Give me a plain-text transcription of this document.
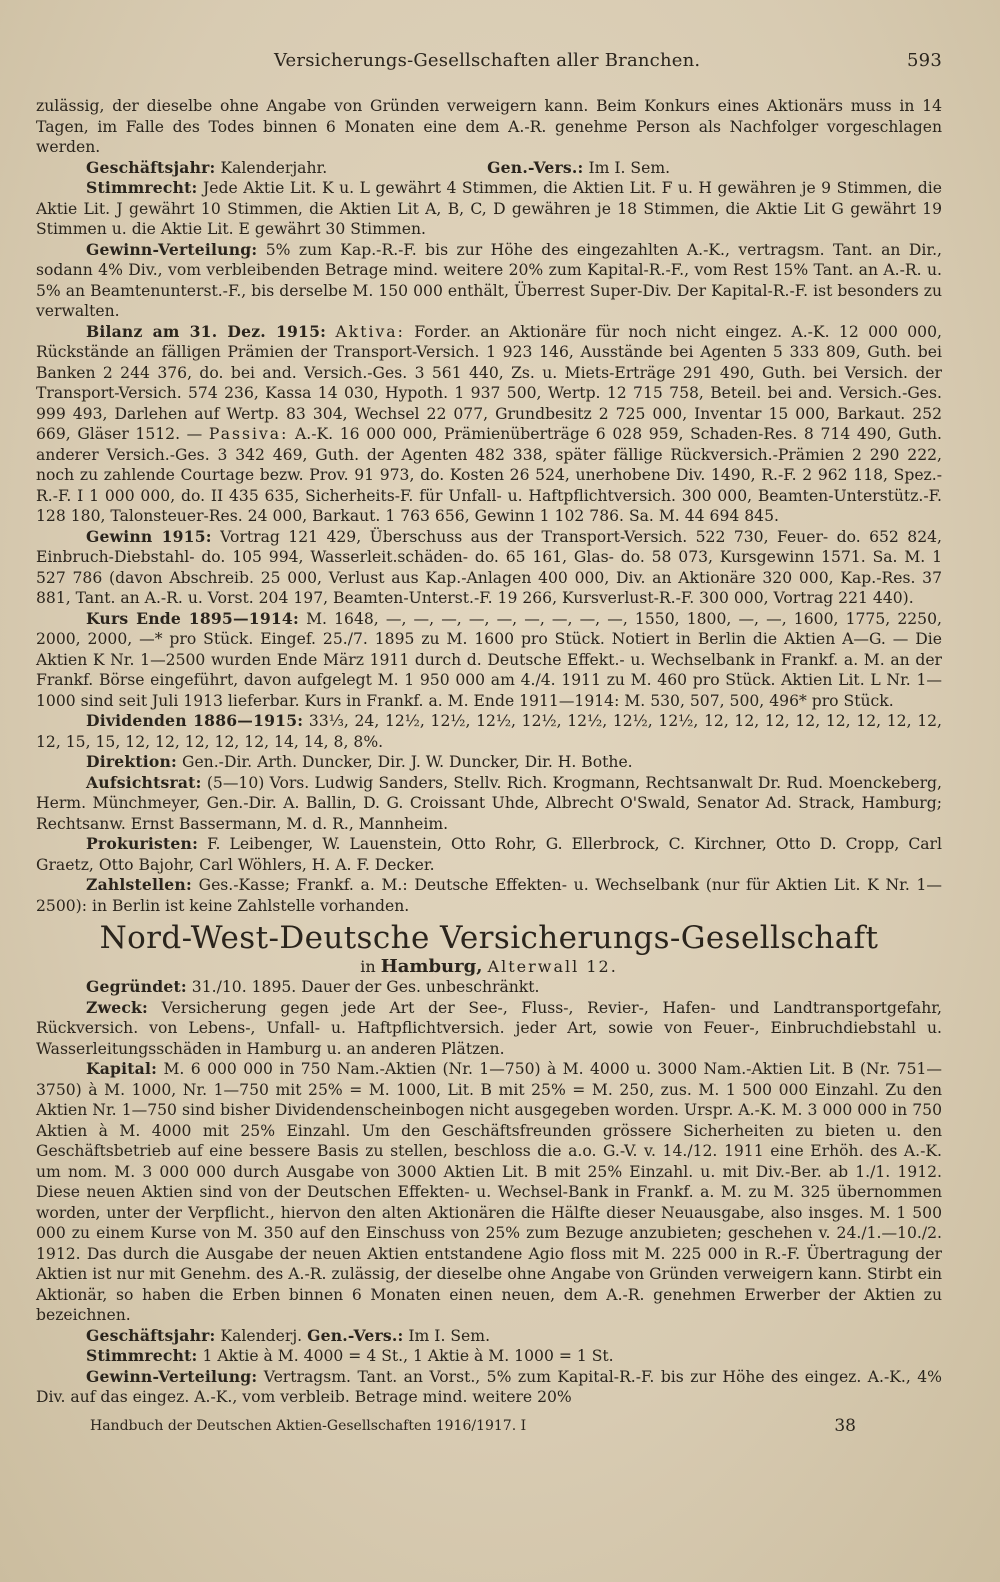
Versicherungs-Gesellschaften aller Branchen.	593

zulässig, der dieselbe ohne Angabe von Gründen verweigern kann. Beim Konkurs eines Aktionärs muss in 14 Tagen, im Falle des Todes binnen 6 Monaten eine dem A.-R. genehme Person als Nachfolger vorgeschlagen werden.

Geschäftsjahr: Kalenderjahr.	Gen.-Vers.: Im I. Sem.

Stimmrecht: Jede Aktie Lit. K u. L gewährt 4 Stimmen, die Aktien Lit. F u. H gewähren je 9 Stimmen, die Aktie Lit. J gewährt 10 Stimmen, die Aktien Lit A, B, C, D gewähren je 18 Stimmen, die Aktie Lit G gewährt 19 Stimmen u. die Aktie Lit. E gewährt 30 Stimmen.

Gewinn-Verteilung: 5% zum Kap.-R.-F. bis zur Höhe des eingezahlten A.-K., vertragsm. Tant. an Dir., sodann 4% Div., vom verbleibenden Betrage mind. weitere 20% zum Kapital-R.-F., vom Rest 15% Tant. an A.-R. u. 5% an Beamtenunterst.-F., bis derselbe M. 150 000 enthält, Überrest Super-Div. Der Kapital-R.-F. ist besonders zu verwalten.

Bilanz am 31. Dez. 1915: Aktiva: Forder. an Aktionäre für noch nicht eingez. A.-K. 12 000 000, Rückstände an fälligen Prämien der Transport-Versich. 1 923 146, Ausstände bei Agenten 5 333 809, Guth. bei Banken 2 244 376, do. bei and. Versich.-Ges. 3 561 440, Zs. u. Miets-Erträge 291 490, Guth. bei Versich. der Transport-Versich. 574 236, Kassa 14 030, Hypoth. 1 937 500, Wertp. 12 715 758, Beteil. bei and. Versich.-Ges. 999 493, Darlehen auf Wertp. 83 304, Wechsel 22 077, Grundbesitz 2 725 000, Inventar 15 000, Barkaut. 252 669, Gläser 1512. — Passiva: A.-K. 16 000 000, Prämienüberträge 6 028 959, Schaden-Res. 8 714 490, Guth. anderer Versich.-Ges. 3 342 469, Guth. der Agenten 482 338, später fällige Rückversich.-Prämien 2 290 222, noch zu zahlende Courtage bezw. Prov. 91 973, do. Kosten 26 524, unerhobene Div. 1490, R.-F. 2 962 118, Spez.-R.-F. I 1 000 000, do. II 435 635, Sicherheits-F. für Unfall- u. Haftpflichtversich. 300 000, Beamten-Unterstütz.-F. 128 180, Talonsteuer-Res. 24 000, Barkaut. 1 763 656, Gewinn 1 102 786. Sa. M. 44 694 845.

Gewinn 1915: Vortrag 121 429, Überschuss aus der Transport-Versich. 522 730, Feuer- do. 652 824, Einbruch-Diebstahl- do. 105 994, Wasserleit.schäden- do. 65 161, Glas- do. 58 073, Kursgewinn 1571. Sa. M. 1 527 786 (davon Abschreib. 25 000, Verlust aus Kap.-Anlagen 400 000, Div. an Aktionäre 320 000, Kap.-Res. 37 881, Tant. an A.-R. u. Vorst. 204 197, Beamten-Unterst.-F. 19 266, Kursverlust-R.-F. 300 000, Vortrag 221 440).

Kurs Ende 1895—1914: M. 1648, —, —, —, —, —, —, —, —, —, 1550, 1800, —, —, 1600, 1775, 2250, 2000, 2000, —* pro Stück. Eingef. 25./7. 1895 zu M. 1600 pro Stück. Notiert in Berlin die Aktien A—G. — Die Aktien K Nr. 1—2500 wurden Ende März 1911 durch d. Deutsche Effekt.- u. Wechselbank in Frankf. a. M. an der Frankf. Börse eingeführt, davon aufgelegt M. 1 950 000 am 4./4. 1911 zu M. 460 pro Stück. Aktien Lit. L Nr. 1—1000 sind seit Juli 1913 lieferbar. Kurs in Frankf. a. M. Ende 1911—1914: M. 530, 507, 500, 496* pro Stück.

Dividenden 1886—1915: 33⅓, 24, 12½, 12½, 12½, 12½, 12½, 12½, 12½, 12, 12, 12, 12, 12, 12, 12, 12, 12, 15, 15, 12, 12, 12, 12, 12, 14, 14, 8, 8%.

Direktion: Gen.-Dir. Arth. Duncker, Dir. J. W. Duncker, Dir. H. Bothe.

Aufsichtsrat: (5—10) Vors. Ludwig Sanders, Stellv. Rich. Krogmann, Rechtsanwalt Dr. Rud. Moenckeberg, Herm. Münchmeyer, Gen.-Dir. A. Ballin, D. G. Croissant Uhde, Albrecht O'Swald, Senator Ad. Strack, Hamburg; Rechtsanw. Ernst Bassermann, M. d. R., Mannheim.

Prokuristen: F. Leibenger, W. Lauenstein, Otto Rohr, G. Ellerbrock, C. Kirchner, Otto D. Cropp, Carl Graetz, Otto Bajohr, Carl Wöhlers, H. A. F. Decker.

Zahlstellen: Ges.-Kasse; Frankf. a. M.: Deutsche Effekten- u. Wechselbank (nur für Aktien Lit. K Nr. 1—2500): in Berlin ist keine Zahlstelle vorhanden.

Nord-West-Deutsche Versicherungs-Gesellschaft
in Hamburg, Alterwall 12.

Gegründet: 31./10. 1895. Dauer der Ges. unbeschränkt.

Zweck: Versicherung gegen jede Art der See-, Fluss-, Revier-, Hafen- und Landtransportgefahr, Rückversich. von Lebens-, Unfall- u. Haftpflichtversich. jeder Art, sowie von Feuer-, Einbruchdiebstahl u. Wasserleitungsschäden in Hamburg u. an anderen Plätzen.

Kapital: M. 6 000 000 in 750 Nam.-Aktien (Nr. 1—750) à M. 4000 u. 3000 Nam.-Aktien Lit. B (Nr. 751—3750) à M. 1000, Nr. 1—750 mit 25% = M. 1000, Lit. B mit 25% = M. 250, zus. M. 1 500 000 Einzahl. Zu den Aktien Nr. 1—750 sind bisher Dividendenscheinbogen nicht ausgegeben worden. Urspr. A.-K. M. 3 000 000 in 750 Aktien à M. 4000 mit 25% Einzahl. Um den Geschäftsfreunden grössere Sicherheiten zu bieten u. den Geschäftsbetrieb auf eine bessere Basis zu stellen, beschloss die a.o. G.-V. v. 14./12. 1911 eine Erhöh. des A.-K. um nom. M. 3 000 000 durch Ausgabe von 3000 Aktien Lit. B mit 25% Einzahl. u. mit Div.-Ber. ab 1./1. 1912. Diese neuen Aktien sind von der Deutschen Effekten- u. Wechsel-Bank in Frankf. a. M. zu M. 325 übernommen worden, unter der Verpflicht., hiervon den alten Aktionären die Hälfte dieser Neuausgabe, also insges. M. 1 500 000 zu einem Kurse von M. 350 auf den Einschuss von 25% zum Bezuge anzubieten; geschehen v. 24./1.—10./2. 1912. Das durch die Ausgabe der neuen Aktien entstandene Agio floss mit M. 225 000 in R.-F. Übertragung der Aktien ist nur mit Genehm. des A.-R. zulässig, der dieselbe ohne Angabe von Gründen verweigern kann. Stirbt ein Aktionär, so haben die Erben binnen 6 Monaten einen neuen, dem A.-R. genehmen Erwerber der Aktien zu bezeichnen.

Geschäftsjahr: Kalenderj. Gen.-Vers.: Im I. Sem.

Stimmrecht: 1 Aktie à M. 4000 = 4 St., 1 Aktie à M. 1000 = 1 St.

Gewinn-Verteilung: Vertragsm. Tant. an Vorst., 5% zum Kapital-R.-F. bis zur Höhe des eingez. A.-K., 4% Div. auf das eingez. A.-K., vom verbleib. Betrage mind. weitere 20%

Handbuch der Deutschen Aktien-Gesellschaften 1916/1917. I	38
